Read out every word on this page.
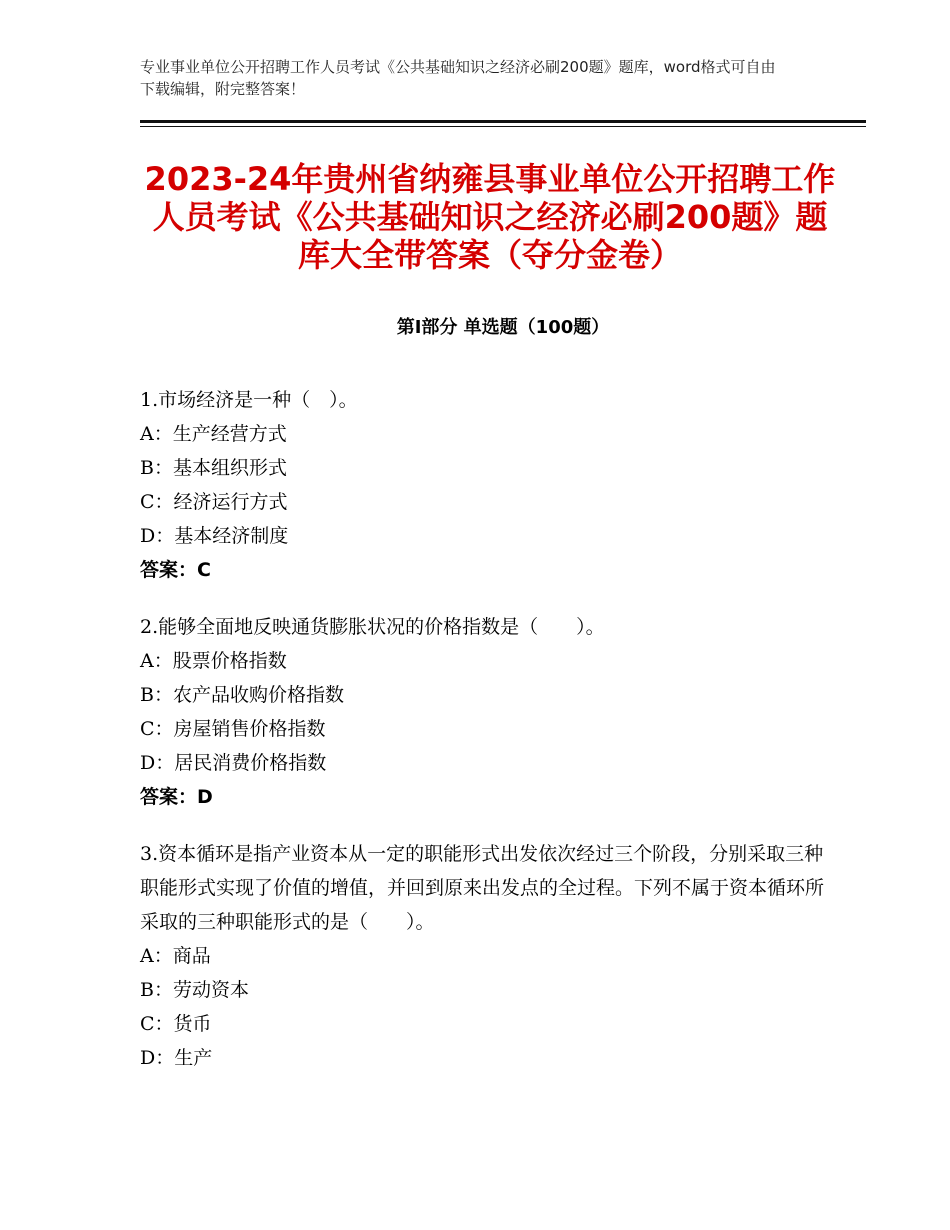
专业事业单位公开招聘工作人员考试《公共基础知识之经济必刷200题》题库，word格式可自由下载编辑，附完整答案！
2023-24年贵州省纳雍县事业单位公开招聘工作人员考试《公共基础知识之经济必刷200题》题库大全带答案（夺分金卷）
第Ⅰ部分 单选题（100题）

1.市场经济是一种（　）。

A：生产经营方式

B：基本组织形式

C：经济运行方式

D：基本经济制度

答案：C

2.能够全面地反映通货膨胀状况的价格指数是（　　）。

A：股票价格指数

B：农产品收购价格指数

C：房屋销售价格指数

D：居民消费价格指数

答案：D

3.资本循环是指产业资本从一定的职能形式出发依次经过三个阶段，分别采取三种职能形式实现了价值的增值，并回到原来出发点的全过程。下列不属于资本循环所采取的三种职能形式的是（　　）。

A：商品

B：劳动资本

C：货币

D：生产
